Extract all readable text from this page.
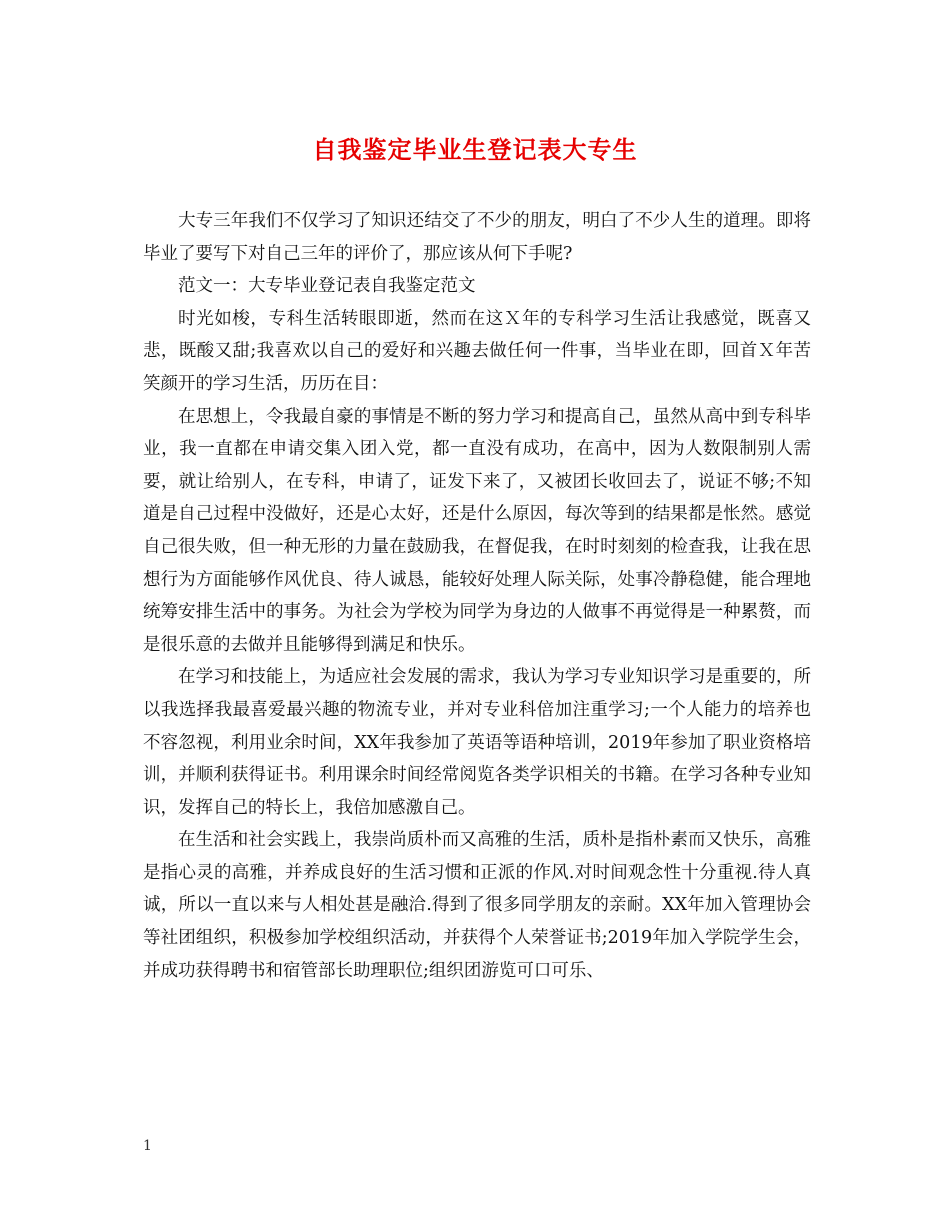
自我鉴定毕业生登记表大专生

大专三年我们不仅学习了知识还结交了不少的朋友，明白了不少人生的道理。即将毕业了要写下对自己三年的评价了，那应该从何下手呢?

范文一：大专毕业登记表自我鉴定范文

时光如梭，专科生活转眼即逝，然而在这Ｘ年的专科学习生活让我感觉，既喜又悲，既酸又甜;我喜欢以自己的爱好和兴趣去做任何一件事，当毕业在即，回首Ｘ年苦笑颜开的学习生活，历历在目：

在思想上，令我最自豪的事情是不断的努力学习和提高自己，虽然从高中到专科毕业，我一直都在申请交集入团入党，都一直没有成功，在高中，因为人数限制别人需要，就让给别人，在专科，申请了，证发下来了，又被团长收回去了，说证不够;不知道是自己过程中没做好，还是心太好，还是什么原因，每次等到的结果都是怅然。感觉自己很失败，但一种无形的力量在鼓励我，在督促我，在时时刻刻的检查我，让我在思想行为方面能够作风优良、待人诚恳，能较好处理人际关际，处事冷静稳健，能合理地统筹安排生活中的事务。为社会为学校为同学为身边的人做事不再觉得是一种累赘，而是很乐意的去做并且能够得到满足和快乐。

在学习和技能上，为适应社会发展的需求，我认为学习专业知识学习是重要的，所以我选择我最喜爱最兴趣的物流专业，并对专业科倍加注重学习;一个人能力的培养也不容忽视，利用业余时间，XX年我参加了英语等语种培训，2019年参加了职业资格培训，并顺利获得证书。利用课余时间经常阅览各类学识相关的书籍。在学习各种专业知识，发挥自己的特长上，我倍加感激自己。

在生活和社会实践上，我崇尚质朴而又高雅的生活，质朴是指朴素而又快乐，高雅是指心灵的高雅，并养成良好的生活习惯和正派的作风.对时间观念性十分重视.待人真诚，所以一直以来与人相处甚是融洽.得到了很多同学朋友的亲耐。XX年加入管理协会等社团组织，积极参加学校组织活动，并获得个人荣誉证书;2019年加入学院学生会，并成功获得聘书和宿管部长助理职位;组织团游览可口可乐、

1
